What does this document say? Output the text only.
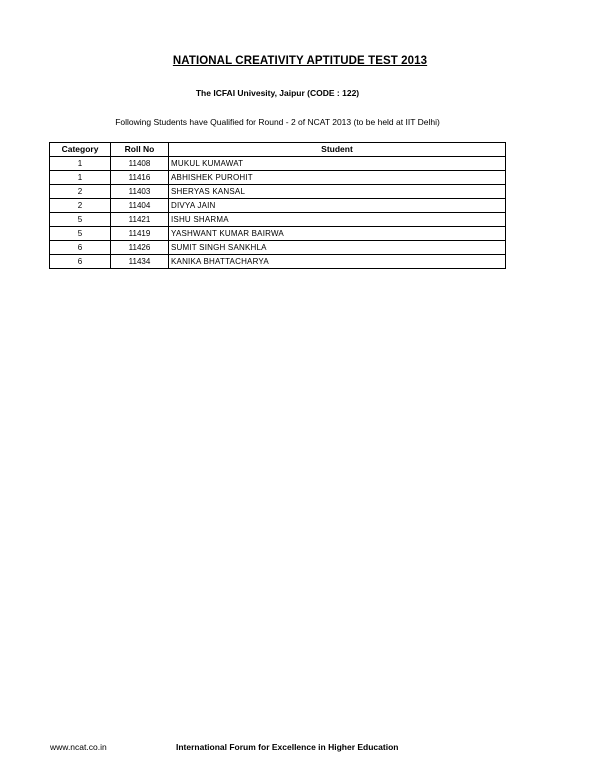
NATIONAL CREATIVITY APTITUDE TEST 2013
The ICFAI Univesity, Jaipur (CODE : 122)
Following Students have Qualified for Round - 2 of NCAT 2013 (to be held at IIT Delhi)
Category	Roll No	Student
1	11408	MUKUL KUMAWAT
1	11416	ABHISHEK PUROHIT
2	11403	SHERYAS KANSAL
2	11404	DIVYA JAIN
5	11421	ISHU SHARMA
5	11419	YASHWANT KUMAR BAIRWA
6	11426	SUMIT SINGH SANKHLA
6	11434	KANIKA BHATTACHARYA
www.ncat.co.in	International Forum for Excellence in Higher Education
